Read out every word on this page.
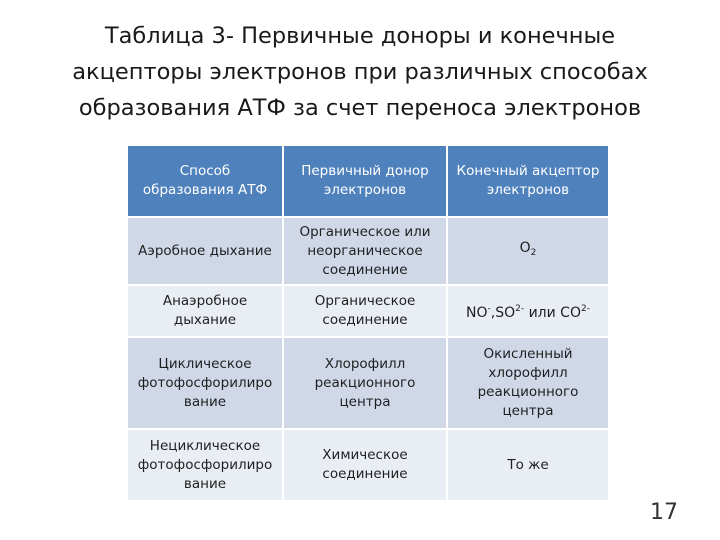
Таблица 3- Первичные доноры и конечные акцепторы электронов при различных способах образования АТФ за счет переноса электронов
Способ образования АТФ	Первичный донор электронов	Конечный акцептор электронов
Аэробное дыхание	Органическое или неорганическое соединение	$O_2$
Анаэробное дыхание	Органическое соединение	$NO^-,SO^{2-}$ или $CO^{2-}$
Циклическое фотофосфорилиро вание	Хлорофилл реакционного центра	Окисленный хлорофилл реакционного центра
Нециклическое фотофосфорилиро вание	Химическое соединение	То же
17
